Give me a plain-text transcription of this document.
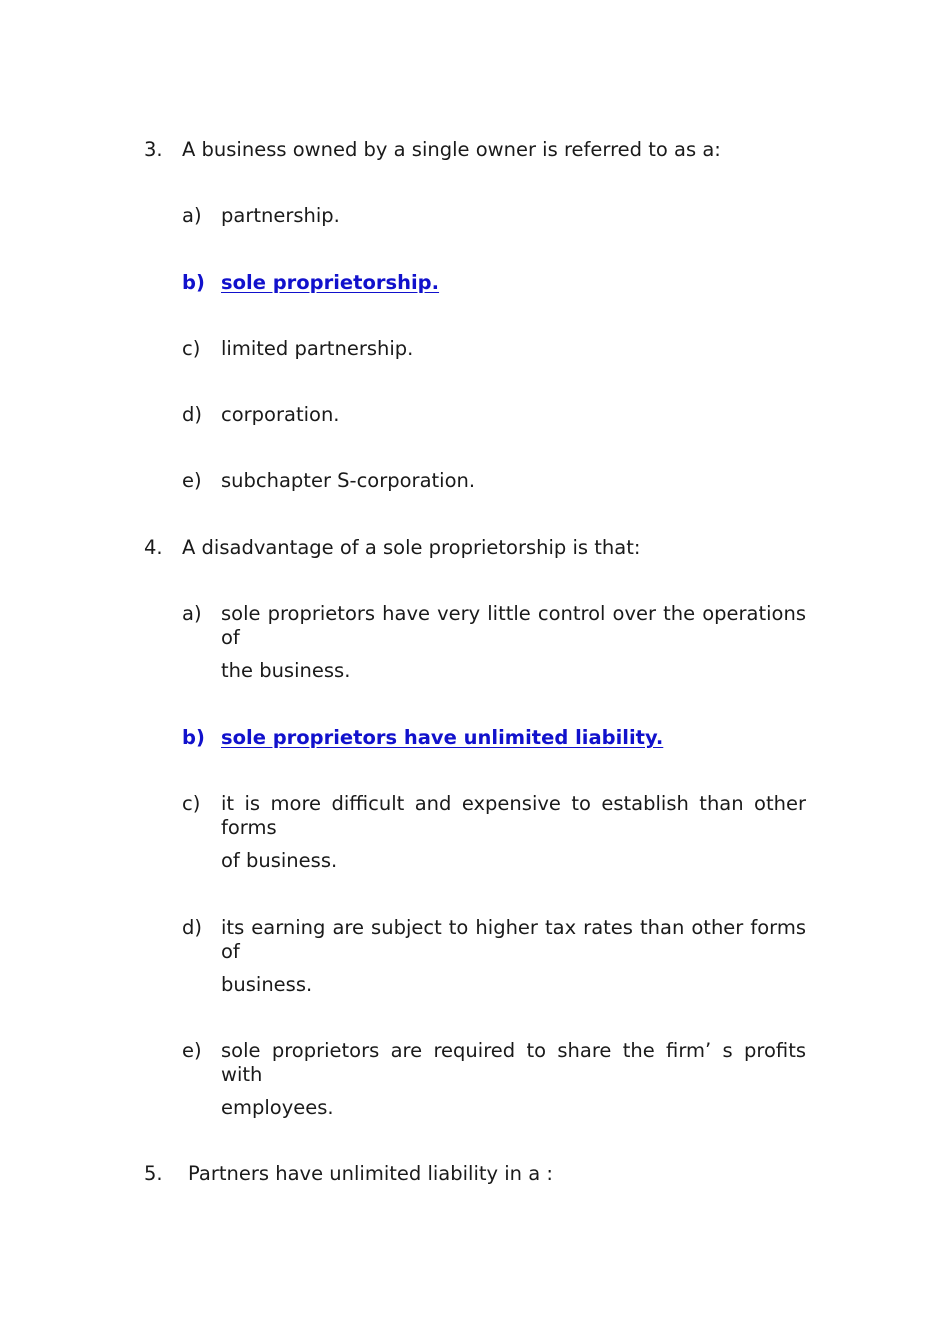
3. A business owned by a single owner is referred to as a:
a) partnership.
b) sole proprietorship.
c) limited partnership.
d) corporation.
e) subchapter S-corporation.
4. A disadvantage of a sole proprietorship is that:
a) sole proprietors have very little control over the operations of
the business.
b) sole proprietors have unlimited liability.
c) it is more difficult and expensive to establish than other forms
of business.
d) its earning are subject to higher tax rates than other forms of
business.
e) sole proprietors are required to share the firm’ s profits with
employees.
5. Partners have unlimited liability in a :
